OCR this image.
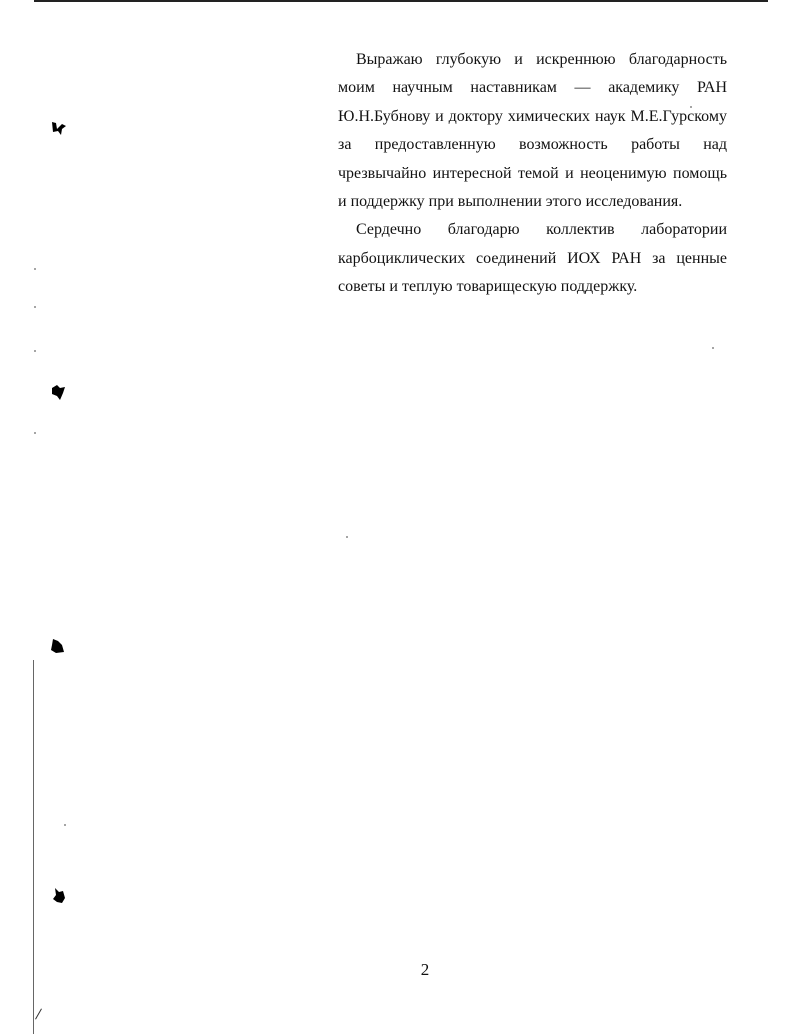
Выражаю глубокую и искреннюю благодарность моим научным наставникам — академику РАН Ю.Н.Бубнову и доктору химических наук М.Е.Гурскому за предоставленную возможность работы над чрезвычайно интересной темой и неоценимую помощь и поддержку при выполнении этого исследования.

Сердечно благодарю коллектив лаборатории карбоциклических соединений ИОХ РАН за ценные советы и теплую товарищескую поддержку.

2
